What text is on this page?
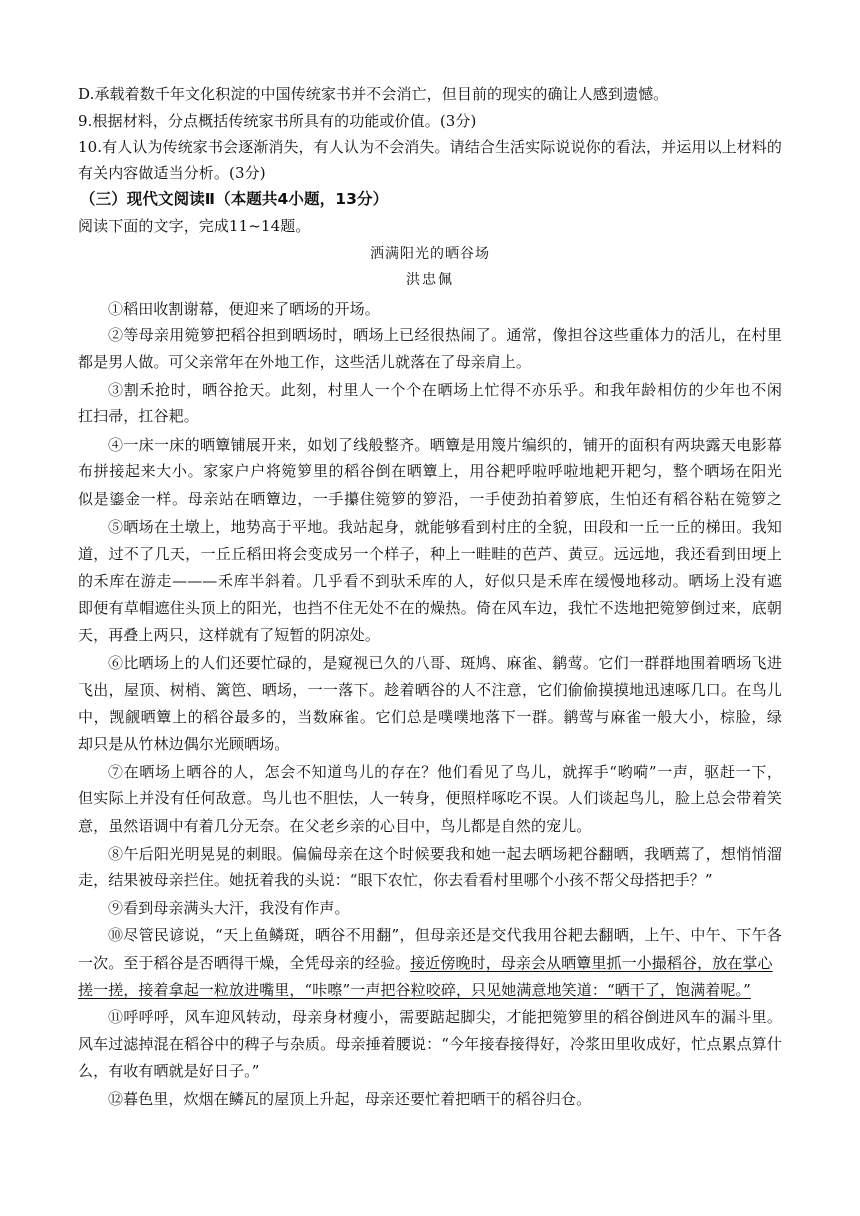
D.承载着数千年文化积淀的中国传统家书并不会消亡，但目前的现实的确让人感到遗憾。
9.根据材料，分点概括传统家书所具有的功能或价值。(3分)
10.有人认为传统家书会逐渐消失，有人认为不会消失。请结合生活实际说说你的看法，并运用以上材料的
有关内容做适当分析。(3分)
（三）现代文阅读Ⅱ（本题共4小题，13分）
阅读下面的文字，完成11~14题。
洒满阳光的晒谷场
洪忠佩
①稻田收割谢幕，便迎来了晒场的开场。
②等母亲用箢箩把稻谷担到晒场时，晒场上已经很热闹了。通常，像担谷这些重体力的活儿，在村里
都是男人做。可父亲常年在外地工作，这些活儿就落在了母亲肩上。
③割禾抢时，晒谷抢天。此刻，村里人一个个在晒场上忙得不亦乐乎。和我年龄相仿的少年也不闲
扛扫帚，扛谷耙。
④一床一床的晒簟铺展开来，如划了线般整齐。晒簟是用篾片编织的，铺开的面积有两块露天电影幕
布拼接起来大小。家家户户将箢箩里的稻谷倒在晒簟上，用谷耙呼啦呼啦地耙开耙匀，整个晒场在阳光
似是鎏金一样。母亲站在晒簟边，一手攥住箢箩的箩沿，一手使劲拍着箩底，生怕还有稻谷粘在箢箩之
⑤晒场在土墩上，地势高于平地。我站起身，就能够看到村庄的全貌，田段和一丘一丘的梯田。我知
道，过不了几天，一丘丘稻田将会变成另一个样子，种上一畦畦的芭芦、黄豆。远远地，我还看到田埂上
的禾库在游走———禾库半斜着。几乎看不到驮禾库的人，好似只是禾库在缓慢地移动。晒场上没有遮
即便有草帽遮住头顶上的阳光，也挡不住无处不在的燥热。倚在风车边，我忙不迭地把箢箩倒过来，底朝
天，再叠上两只，这样就有了短暂的阴凉处。
⑥比晒场上的人们还要忙碌的，是窥视已久的八哥、斑鸠、麻雀、鹟莺。它们一群群地围着晒场飞进
飞出，屋顶、树梢、篱笆、晒场，一一落下。趁着晒谷的人不注意，它们偷偷摸摸地迅速啄几口。在鸟儿
中，觊觎晒簟上的稻谷最多的，当数麻雀。它们总是噗噗地落下一群。鹟莺与麻雀一般大小，棕脸，绿
却只是从竹林边偶尔光顾晒场。
⑦在晒场上晒谷的人，怎会不知道鸟儿的存在？他们看见了鸟儿，就挥手“哟嗬”一声，驱赶一下，
但实际上并没有任何敌意。鸟儿也不胆怯，人一转身，便照样啄吃不误。人们谈起鸟儿，脸上总会带着笑
意，虽然语调中有着几分无奈。在父老乡亲的心目中，鸟儿都是自然的宠儿。
⑧午后阳光明晃晃的刺眼。偏偏母亲在这个时候要我和她一起去晒场耙谷翻晒，我晒蔫了，想悄悄溜
走，结果被母亲拦住。她抚着我的头说：“眼下农忙，你去看看村里哪个小孩不帮父母搭把手？”
⑨看到母亲满头大汗，我没有作声。
⑩尽管民谚说，“天上鱼鳞斑，晒谷不用翻”，但母亲还是交代我用谷耙去翻晒，上午、中午、下午各
一次。至于稻谷是否晒得干燥，全凭母亲的经验。接近傍晚时，母亲会从晒簟里抓一小撮稻谷，放在掌心
搓一搓，接着拿起一粒放进嘴里，“咔嚓”一声把谷粒咬碎，只见她满意地笑道：“晒干了，饱满着呢。”
⑪呼呼呼，风车迎风转动，母亲身材瘦小，需要踮起脚尖，才能把箢箩里的稻谷倒进风车的漏斗里。
风车过滤掉混在稻谷中的稗子与杂质。母亲捶着腰说：“今年接春接得好，冷浆田里收成好，忙点累点算什
么，有收有晒就是好日子。”
⑫暮色里，炊烟在鳞瓦的屋顶上升起，母亲还要忙着把晒干的稻谷归仓。
